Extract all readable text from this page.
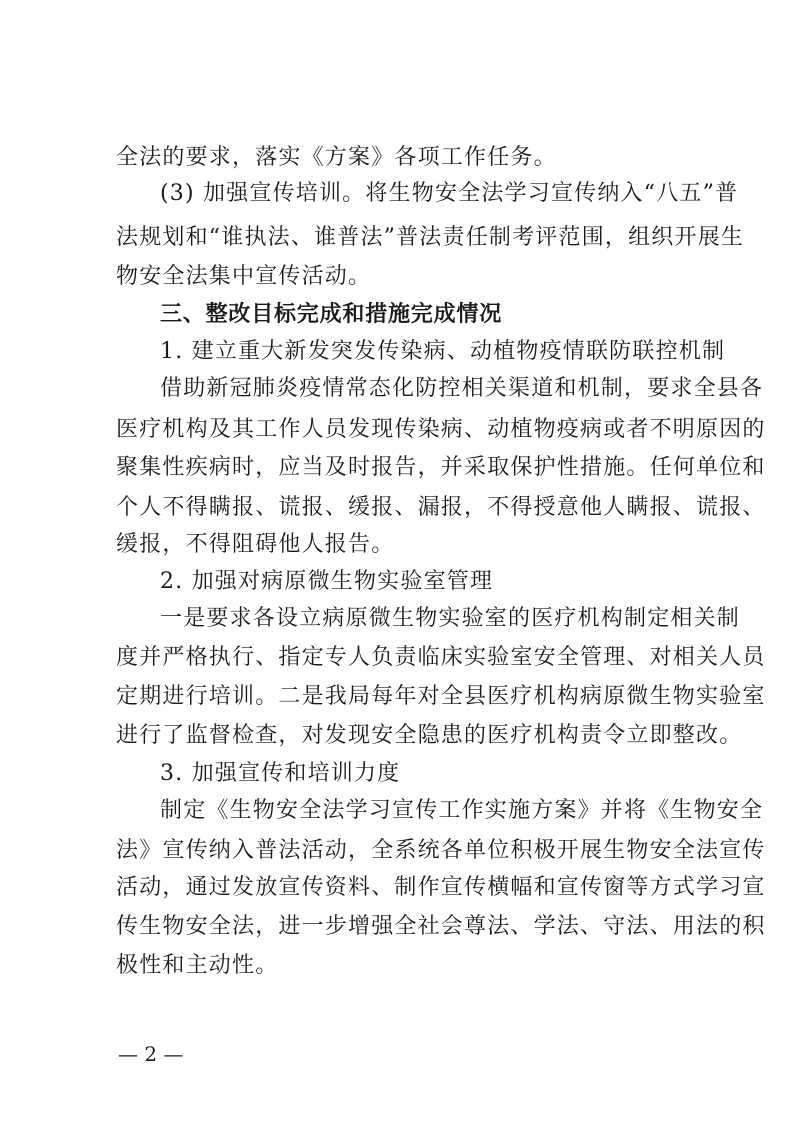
全法的要求，落实《方案》各项工作任务。
(3) 加强宣传培训。将生物安全法学习宣传纳入“八五”普
法规划和“谁执法、谁普法”普法责任制考评范围，组织开展生
物安全法集中宣传活动。
三、整改目标完成和措施完成情况
1. 建立重大新发突发传染病、动植物疫情联防联控机制
借助新冠肺炎疫情常态化防控相关渠道和机制，要求全县各
医疗机构及其工作人员发现传染病、动植物疫病或者不明原因的
聚集性疾病时，应当及时报告，并采取保护性措施。任何单位和
个人不得瞒报、谎报、缓报、漏报，不得授意他人瞒报、谎报、
缓报，不得阻碍他人报告。
2. 加强对病原微生物实验室管理
一是要求各设立病原微生物实验室的医疗机构制定相关制
度并严格执行、指定专人负责临床实验室安全管理、对相关人员
定期进行培训。二是我局每年对全县医疗机构病原微生物实验室
进行了监督检查，对发现安全隐患的医疗机构责令立即整改。
3. 加强宣传和培训力度
制定《生物安全法学习宣传工作实施方案》并将《生物安全
法》宣传纳入普法活动，全系统各单位积极开展生物安全法宣传
活动，通过发放宣传资料、制作宣传横幅和宣传窗等方式学习宣
传生物安全法，进一步增强全社会尊法、学法、守法、用法的积
极性和主动性。
— 2 —
